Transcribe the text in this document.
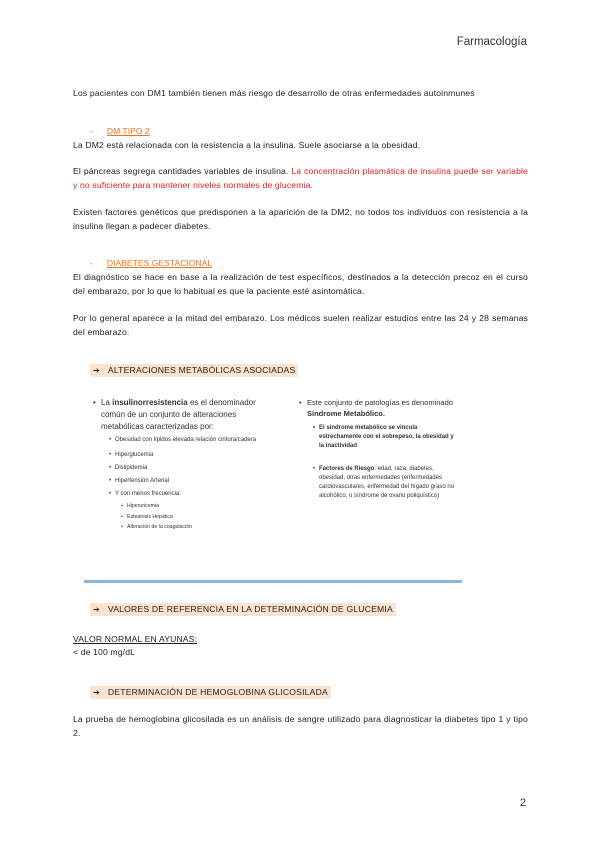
Farmacología
Los pacientes con DM1 también tienen más riesgo de desarrollo de otras enfermedades autoinmunes
- DM TIPO 2
La DM2 está relacionada con la resistencia a la insulina. Suele asociarse a la obesidad.
El páncreas segrega cantidades variables de insulina. La concentración plasmática de insulina puede ser variable y no suficiente para mantener niveles normales de glucemia.
Existen factores genéticos que predisponen a la aparición de la DM2; no todos los individuos con resistencia a la insulina llegan a padecer diabetes.
- DIABETES GESTACIONAL
El diagnóstico se hace en base a la realización de test específicos, destinados a la detección precoz en el curso del embarazo, por lo que lo habitual es que la paciente esté asintomática.
Por lo general aparece a la mitad del embarazo. Los médicos suelen realizar estudios entre las 24 y 28 semanas del embarazo.
➔ ALTERACIONES METABÓLICAS ASOCIADAS
• La insulinorresistencia es el denominador común de un conjunto de alteraciones metabólicas caracterizadas por:
• Obesidad con lípidos elevada relación cintura/cadera
• Hiperglucemia
• Dislipidemia
• Hipertensión Arterial
• Y con menos frecuencia:
▪ Hiperuricemia
▪ Esteatosis Hepática
▪ Alteración de la coagulación
• Este conjunto de patologías es denominado Síndrome Metabólico.
• El síndrome metabólico se vincula estrechamente con el sobrepeso, la obesidad y la inactividad
• Factores de Riesgo: edad, raza, diabetes, obesidad, otras enfermedades (enfermedades cardiovasculares, enfermedad del hígado graso no alcohólico, o síndrome de ovario poliquístico)
➔ VALORES DE REFERENCIA EN LA DETERMINACIÓN DE GLUCEMIA
VALOR NORMAL EN AYUNAS:
< de 100 mg/dL
➔ DETERMINACIÓN DE HEMOGLOBINA GLICOSILADA
La prueba de hemoglobina glicosilada es un análisis de sangre utilizado para diagnosticar la diabetes tipo 1 y tipo 2.
2
